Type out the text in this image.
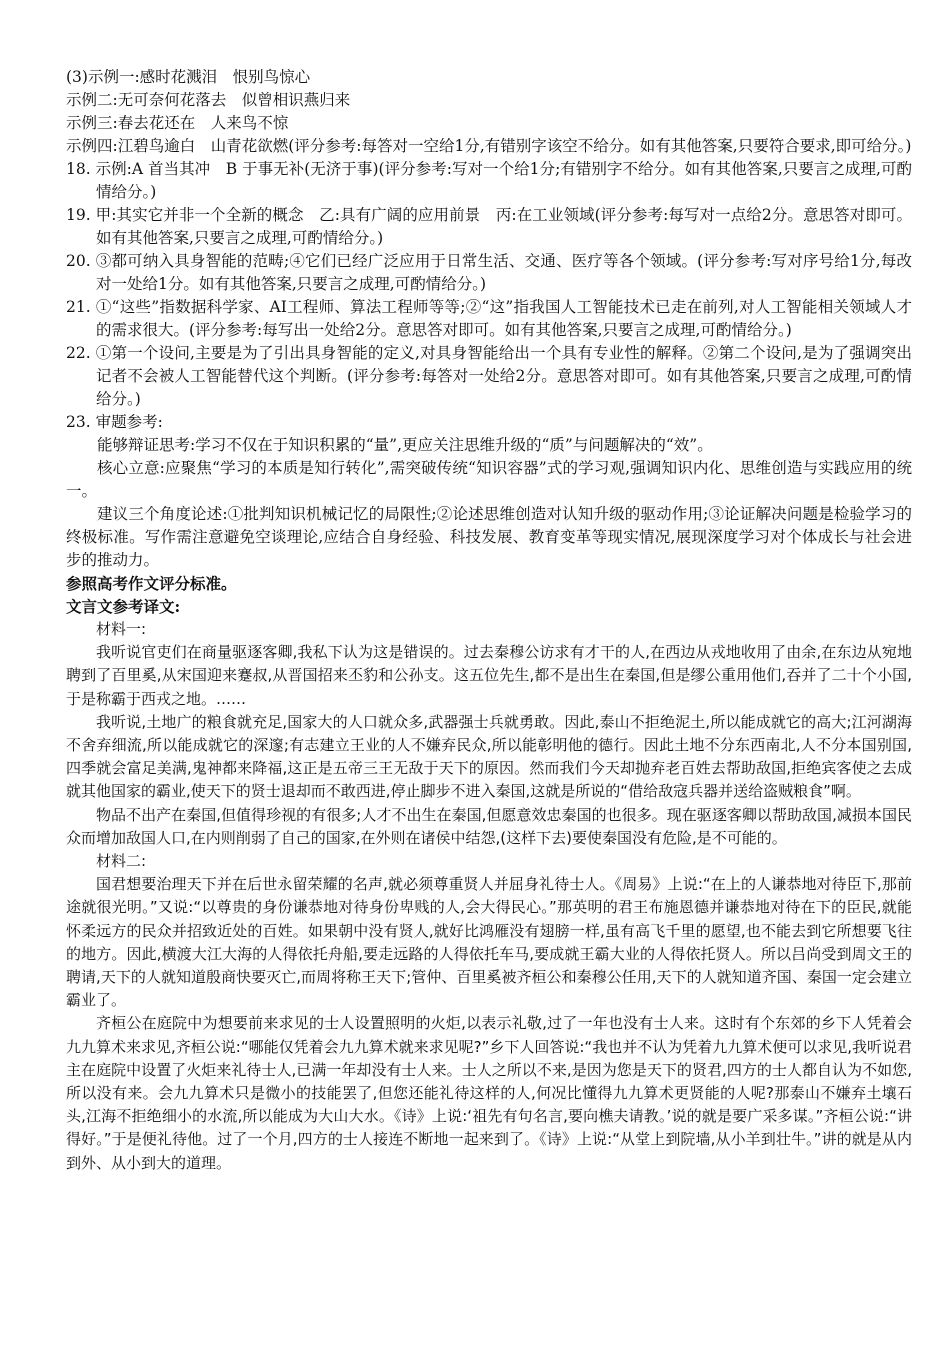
(3)示例一:感时花溅泪　恨别鸟惊心
示例二:无可奈何花落去　似曾相识燕归来
示例三:春去花还在　人来鸟不惊
示例四:江碧鸟逾白　山青花欲燃(评分参考:每答对一空给1分,有错别字该空不给分。如有其他答案,只要符合要求,即可给分。)
18. 示例:A 首当其冲　B 于事无补(无济于事)(评分参考:写对一个给1分;有错别字不给分。如有其他答案,只要言之成理,可酌情给分。)
19. 甲:其实它并非一个全新的概念　乙:具有广阔的应用前景　丙:在工业领域(评分参考:每写对一点给2分。意思答对即可。如有其他答案,只要言之成理,可酌情给分。)
20. ③都可纳入具身智能的范畴;④它们已经广泛应用于日常生活、交通、医疗等各个领域。(评分参考:写对序号给1分,每改对一处给1分。如有其他答案,只要言之成理,可酌情给分。)
21. ①“这些”指数据科学家、AI工程师、算法工程师等等;②“这”指我国人工智能技术已走在前列,对人工智能相关领域人才的需求很大。(评分参考:每写出一处给2分。意思答对即可。如有其他答案,只要言之成理,可酌情给分。)
22. ①第一个设问,主要是为了引出具身智能的定义,对具身智能给出一个具有专业性的解释。②第二个设问,是为了强调突出记者不会被人工智能替代这个判断。(评分参考:每答对一处给2分。意思答对即可。如有其他答案,只要言之成理,可酌情给分。)
23. 审题参考:
能够辩证思考:学习不仅在于知识积累的“量”,更应关注思维升级的“质”与问题解决的“效”。
核心立意:应聚焦“学习的本质是知行转化”,需突破传统“知识容器”式的学习观,强调知识内化、思维创造与实践应用的统一。
建议三个角度论述:①批判知识机械记忆的局限性;②论述思维创造对认知升级的驱动作用;③论证解决问题是检验学习的终极标准。写作需注意避免空谈理论,应结合自身经验、科技发展、教育变革等现实情况,展现深度学习对个体成长与社会进步的推动力。
参照高考作文评分标准。
文言文参考译文:
材料一:
我听说官吏们在商量驱逐客卿,我私下认为这是错误的。过去秦穆公访求有才干的人,在西边从戎地收用了由余,在东边从宛地聘到了百里奚,从宋国迎来蹇叔,从晋国招来丕豹和公孙支。这五位先生,都不是出生在秦国,但是缪公重用他们,吞并了二十个小国,于是称霸于西戎之地。……
我听说,土地广的粮食就充足,国家大的人口就众多,武器强士兵就勇敢。因此,泰山不拒绝泥土,所以能成就它的高大;江河湖海不舍弃细流,所以能成就它的深邃;有志建立王业的人不嫌弃民众,所以能彰明他的德行。因此土地不分东西南北,人不分本国别国,四季就会富足美满,鬼神都来降福,这正是五帝三王无敌于天下的原因。然而我们今天却抛弃老百姓去帮助敌国,拒绝宾客使之去成就其他国家的霸业,使天下的贤士退却而不敢西进,停止脚步不进入秦国,这就是所说的“借给敌寇兵器并送给盗贼粮食”啊。
物品不出产在秦国,但值得珍视的有很多;人才不出生在秦国,但愿意效忠秦国的也很多。现在驱逐客卿以帮助敌国,减损本国民众而增加敌国人口,在内则削弱了自己的国家,在外则在诸侯中结怨,(这样下去)要使秦国没有危险,是不可能的。
材料二:
国君想要治理天下并在后世永留荣耀的名声,就必须尊重贤人并屈身礼待士人。《周易》上说:“在上的人谦恭地对待臣下,那前途就很光明。”又说:“以尊贵的身份谦恭地对待身份卑贱的人,会大得民心。”那英明的君王布施恩德并谦恭地对待在下的臣民,就能怀柔远方的民众并招致近处的百姓。如果朝中没有贤人,就好比鸿雁没有翅膀一样,虽有高飞千里的愿望,也不能去到它所想要飞往的地方。因此,横渡大江大海的人得依托舟船,要走远路的人得依托车马,要成就王霸大业的人得依托贤人。所以吕尚受到周文王的聘请,天下的人就知道殷商快要灭亡,而周将称王天下;管仲、百里奚被齐桓公和秦穆公任用,天下的人就知道齐国、秦国一定会建立霸业了。
齐桓公在庭院中为想要前来求见的士人设置照明的火炬,以表示礼敬,过了一年也没有士人来。这时有个东郊的乡下人凭着会九九算术来求见,齐桓公说:“哪能仅凭着会九九算术就来求见呢?”乡下人回答说:“我也并不认为凭着九九算术便可以求见,我听说君主在庭院中设置了火炬来礼待士人,已满一年却没有士人来。士人之所以不来,是因为您是天下的贤君,四方的士人都自认为不如您,所以没有来。会九九算术只是微小的技能罢了,但您还能礼待这样的人,何况比懂得九九算术更贤能的人呢?那泰山不嫌弃土壤石头,江海不拒绝细小的水流,所以能成为大山大水。《诗》上说:‘祖先有句名言,要向樵夫请教。’说的就是要广采多谋。”齐桓公说:“讲得好。”于是便礼待他。过了一个月,四方的士人接连不断地一起来到了。《诗》上说:“从堂上到院墙,从小羊到壮牛。”讲的就是从内到外、从小到大的道理。
